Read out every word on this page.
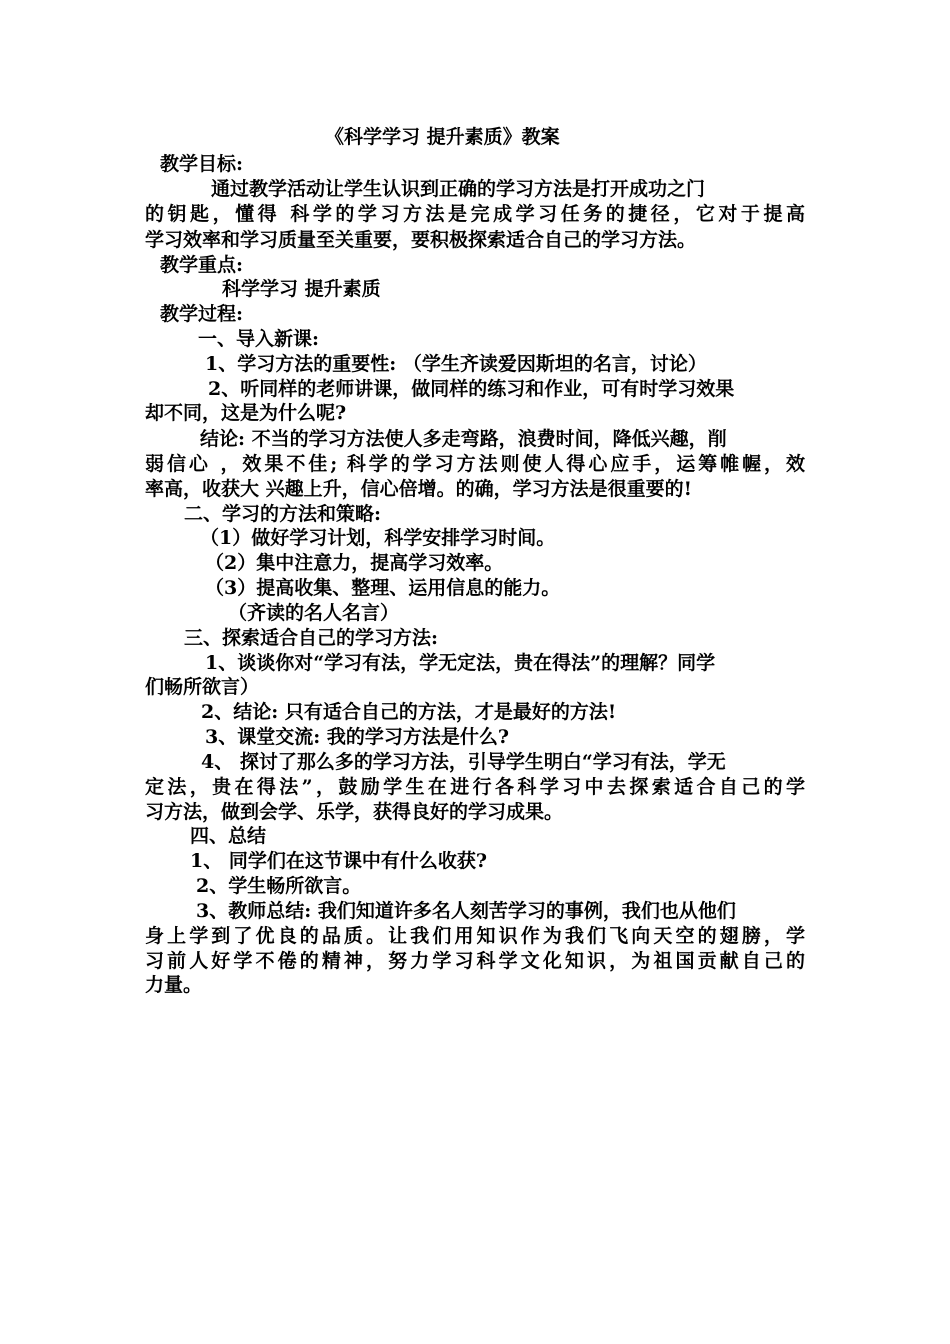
《科学学习 提升素质》教案
教学目标:
通过教学活动让学生认识到正确的学习方法是打开成功之门
的钥匙，懂得 科学的学习方法是完成学习任务的捷径，它对于提高
学习效率和学习质量至关重要，要积极探索适合自己的学习方法。
教学重点:
科学学习 提升素质
教学过程:
一、导入新课:
1、学习方法的重要性: （学生齐读爱因斯坦的名言，讨论）
2、听同样的老师讲课，做同样的练习和作业，可有时学习效果
却不同，这是为什么呢?
结论: 不当的学习方法使人多走弯路，浪费时间，降低兴趣，削
弱信心 ，效果不佳; 科学的学习方法则使人得心应手，运筹帷幄，效
率高，收获大 兴趣上升，信心倍增。的确，学习方法是很重要的!
二、学习的方法和策略:
（1）做好学习计划，科学安排学习时间。
（2）集中注意力，提高学习效率。
（3）提高收集、整理、运用信息的能力。
（齐读的名人名言）
三、探索适合自己的学习方法:
1、谈谈你对“学习有法，学无定法，贵在得法”的理解？同学
们畅所欲言）
2、结论: 只有适合自己的方法，才是最好的方法!
3、课堂交流: 我的学习方法是什么?
4、 探讨了那么多的学习方法，引导学生明白“学习有法，学无
定法，贵在得法”，鼓励学生在进行各科学习中去探索适合自己的学
习方法，做到会学、乐学，获得良好的学习成果。
四、总结
1、 同学们在这节课中有什么收获?
2、学生畅所欲言。
3、教师总结: 我们知道许多名人刻苦学习的事例，我们也从他们
身上学到了优良的品质。让我们用知识作为我们飞向天空的翅膀，学
习前人好学不倦的精神，努力学习科学文化知识，为祖国贡献自己的
力量。
